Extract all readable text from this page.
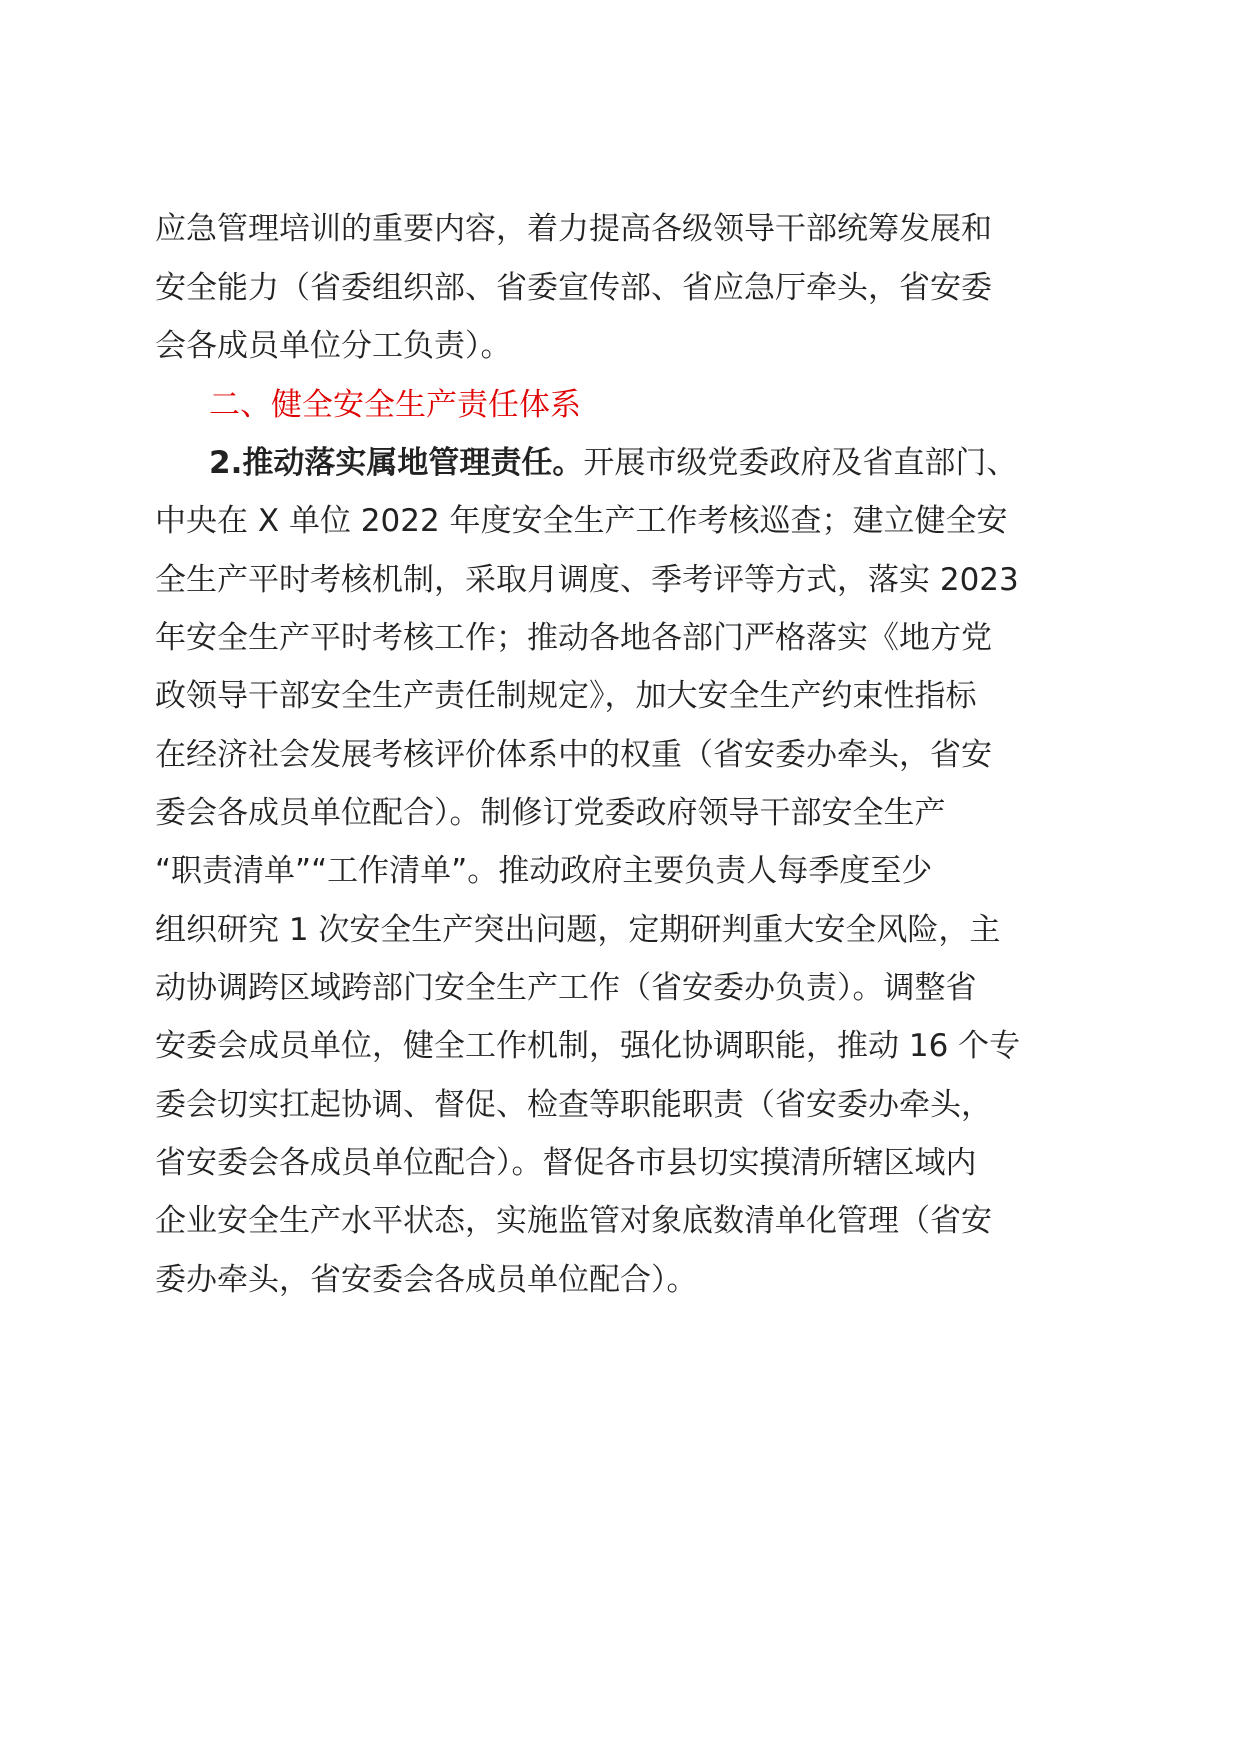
应急管理培训的重要内容，着力提高各级领导干部统筹发展和
安全能力（省委组织部、省委宣传部、省应急厅牵头，省安委
会各成员单位分工负责）。
二、健全安全生产责任体系
2.推动落实属地管理责任。开展市级党委政府及省直部门、
中央在 X 单位 2022 年度安全生产工作考核巡查；建立健全安
全生产平时考核机制，采取月调度、季考评等方式，落实 2023
年安全生产平时考核工作；推动各地各部门严格落实《地方党
政领导干部安全生产责任制规定》，加大安全生产约束性指标
在经济社会发展考核评价体系中的权重（省安委办牵头，省安
委会各成员单位配合）。制修订党委政府领导干部安全生产
“职责清单”“工作清单”。推动政府主要负责人每季度至少
组织研究 1 次安全生产突出问题，定期研判重大安全风险，主
动协调跨区域跨部门安全生产工作（省安委办负责）。调整省
安委会成员单位，健全工作机制，强化协调职能，推动 16 个专
委会切实扛起协调、督促、检查等职能职责（省安委办牵头，
省安委会各成员单位配合）。督促各市县切实摸清所辖区域内
企业安全生产水平状态，实施监管对象底数清单化管理（省安
委办牵头，省安委会各成员单位配合）。
